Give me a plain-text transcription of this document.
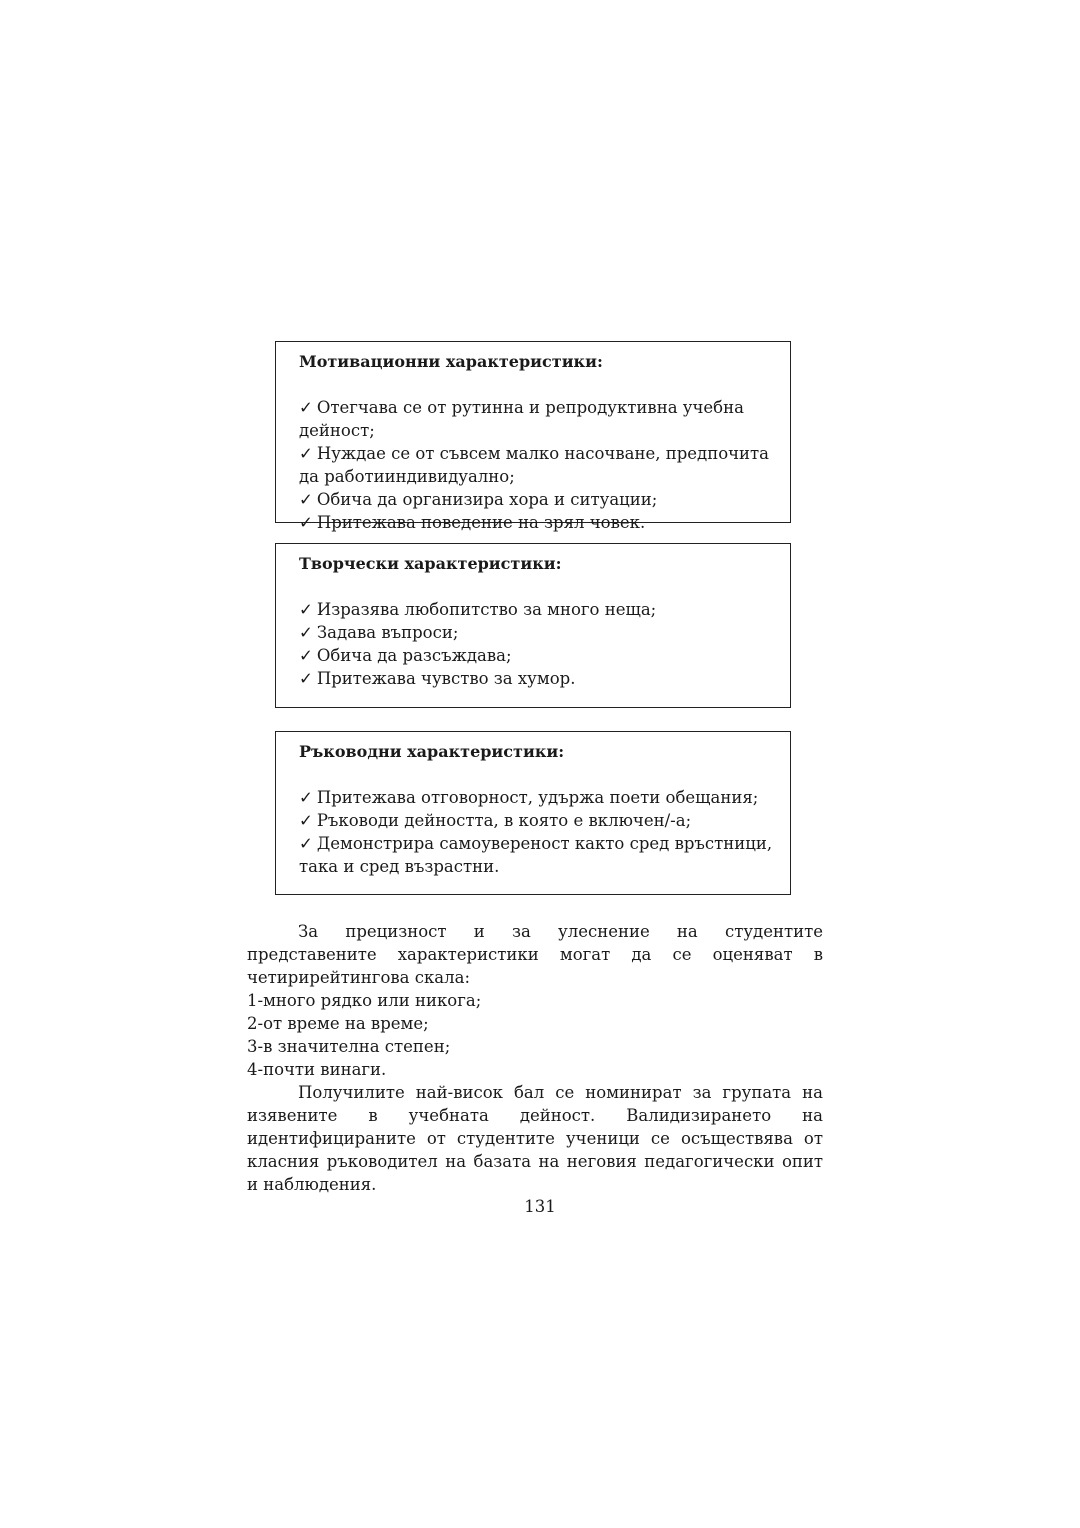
Мотивационни характеристики:
✓ Отегчава се от рутинна и репродуктивна учебна дейност;
✓ Нуждае се от съвсем малко насочване, предпочита да работииндивидуално;
✓ Обича да организира хора и ситуации;
✓ Притежава поведение на зрял човек.
Творчески характеристики:
✓ Изразява любопитство за много неща;
✓ Задава въпроси;
✓ Обича да разсъждава;
✓ Притежава чувство за хумор.
Ръководни характеристики:
✓ Притежава отговорност, удържа поети обещания;
✓ Ръководи дейността, в която е включен/-а;
✓ Демонстрира самоувереност както сред връстници, така и сред възрастни.

За прецизност и за улеснение на студентите представените характеристики могат да се оценяват в четирирейтингова скала:

1-много рядко или никога;

2-от време на време;

3-в значителна степен;

4-почти винаги.

Получилите най-висок бал се номинират за групата на изявените в учебната дейност. Валидизирането на идентифицираните от студентите ученици се осъществява от класния ръководител на базата на неговия педагогически опит и наблюдения.

131
